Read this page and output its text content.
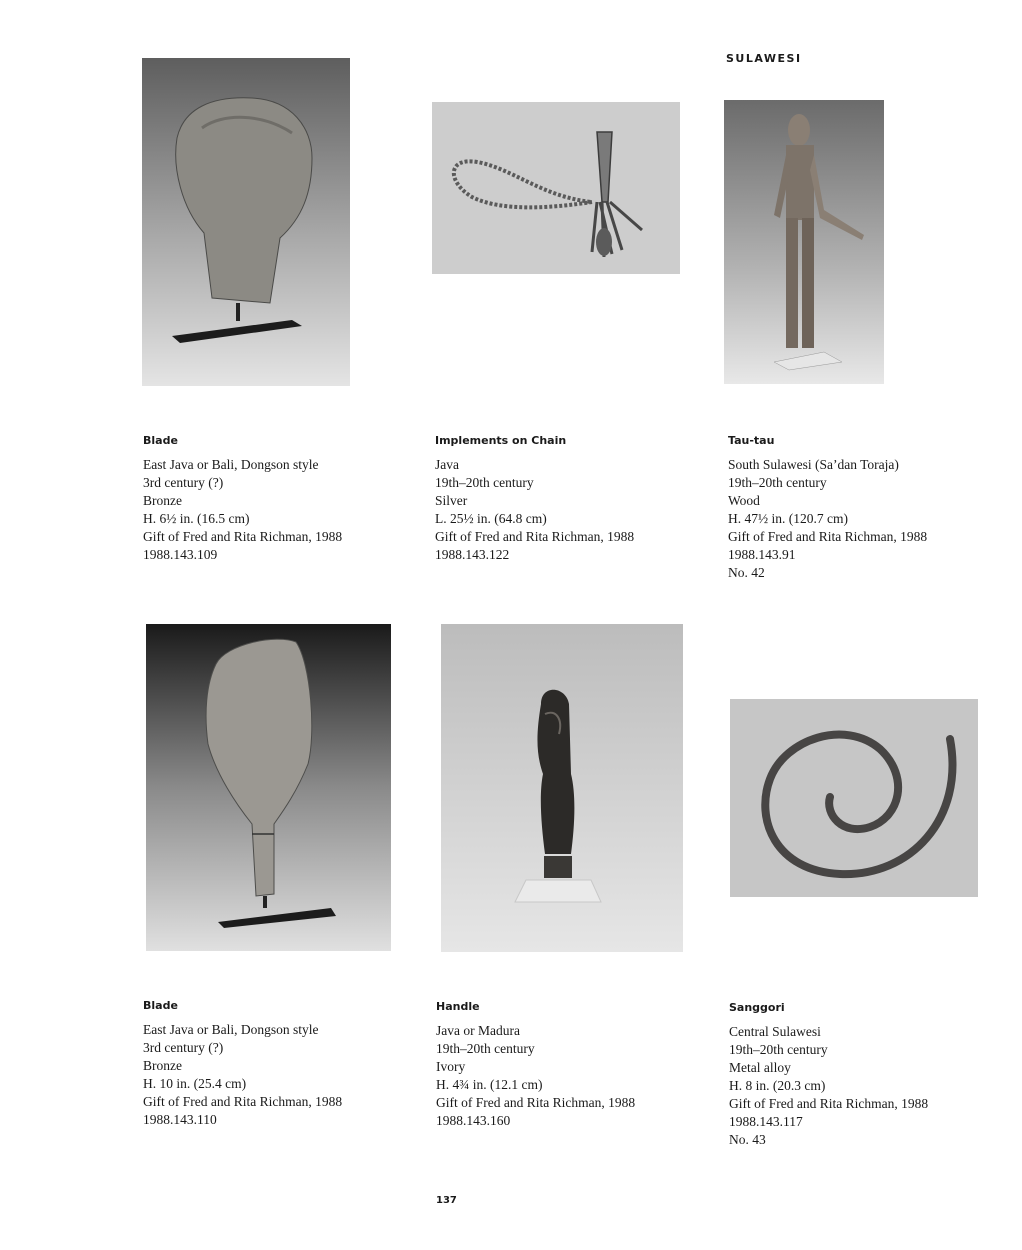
SULAWESI
Blade
East Java or Bali, Dongson style
3rd century (?)
Bronze
H. 6½ in. (16.5 cm)
Gift of Fred and Rita Richman, 1988
1988.143.109
Implements on Chain
Java
19th–20th century
Silver
L. 25½ in. (64.8 cm)
Gift of Fred and Rita Richman, 1988
1988.143.122
Tau-tau
South Sulawesi (Sa’dan Toraja)
19th–20th century
Wood
H. 47½ in. (120.7 cm)
Gift of Fred and Rita Richman, 1988
1988.143.91
No. 42
Blade
East Java or Bali, Dongson style
3rd century (?)
Bronze
H. 10 in. (25.4 cm)
Gift of Fred and Rita Richman, 1988
1988.143.110
Handle
Java or Madura
19th–20th century
Ivory
H. 4¾ in. (12.1 cm)
Gift of Fred and Rita Richman, 1988
1988.143.160
Sanggori
Central Sulawesi
19th–20th century
Metal alloy
H. 8 in. (20.3 cm)
Gift of Fred and Rita Richman, 1988
1988.143.117
No. 43
137
